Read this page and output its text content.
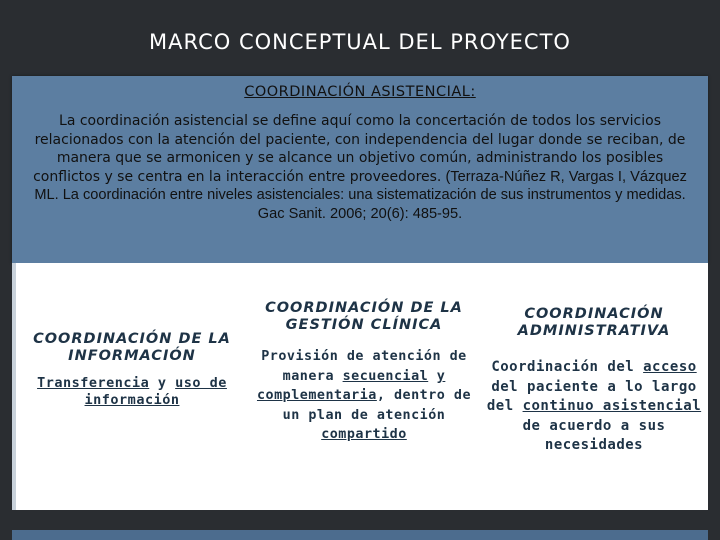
MARCO CONCEPTUAL DEL PROYECTO
COORDINACIÓN ASISTENCIAL:
La coordinación asistencial se define aquí como la concertación de todos los servicios relacionados con la atención del paciente, con independencia del lugar donde se reciban, de manera que se armonicen y se alcance un objetivo común, administrando los posibles conflictos y se centra en la interacción entre proveedores. (Terraza-Núñez R, Vargas I, Vázquez ML. La coordinación entre niveles asistenciales: una sistematización de sus instrumentos y medidas. Gac Sanit. 2006; 20(6): 485-95.
COORDINACIÓN DE LA INFORMACIÓN
Transferencia y uso de información
COORDINACIÓN DE LA GESTIÓN CLÍNICA
Provisión de atención de manera secuencial y complementaria, dentro de un plan de atención compartido
COORDINACIÓN ADMINISTRATIVA
Coordinación del acceso del paciente a lo largo del continuo asistencial de acuerdo a sus necesidades
